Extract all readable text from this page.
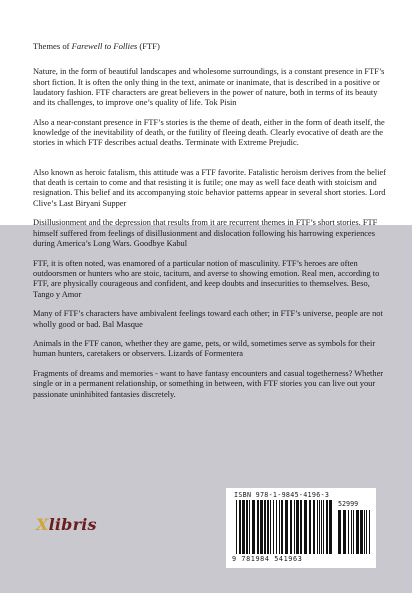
Themes of Farewell to Follies (FTF)

Nature, in the form of beautiful landscapes and wholesome surroundings, is a constant presence in FTF’s short fiction. It is often the only thing in the text, animate or inanimate, that is described in a positive or laudatory fashion. FTF characters are great believers in the power of nature, both in terms of its beauty and its challenges, to improve one’s quality of life. Tok Pisin

Also a near-constant presence in FTF’s stories is the theme of death, either in the form of death itself, the knowledge of the inevitability of death, or the futility of fleeing death. Clearly evocative of death are the stories in which FTF describes actual deaths. Terminate with Extreme Prejudic.

Also known as heroic fatalism, this attitude was a FTF favorite. Fatalistic heroism derives from the belief that death is certain to come and that resisting it is futile; one may as well face death with stoicism and resignation. This belief and its accompanying stoic behavior patterns appear in several short stories. Lord Clive’s Last Biryani Supper

Disillusionment and the depression that results from it are recurrent themes in FTF’s short stories. FTF himself suffered from feelings of disillusionment and dislocation following his harrowing experiences during America’s Long Wars. Goodbye Kabul

FTF, it is often noted, was enamored of a particular notion of masculinity. FTF’s heroes are often outdoorsmen or hunters who are stoic, taciturn, and averse to showing emotion. Real men, according to FTF, are physically courageous and confident, and keep doubts and insecurities to themselves. Beso, Tango y Amor

Many of FTF’s characters have ambivalent feelings toward each other; in FTF’s universe, people are not wholly good or bad. Bal Masque

Animals in the FTF canon, whether they are game, pets, or wild, sometimes serve as symbols for their human hunters, caretakers or observers. Lizards of Formentera

Fragments of dreams and memories - want to have fantasy encounters and casual togetherness? Whether single or in a permanent relationship, or something in between, with FTF stories you can live out your passionate uninhibited fantasies discretely.

Xlibris
ISBN 978-1-9845-4196-3
52999
9 781984 541963
